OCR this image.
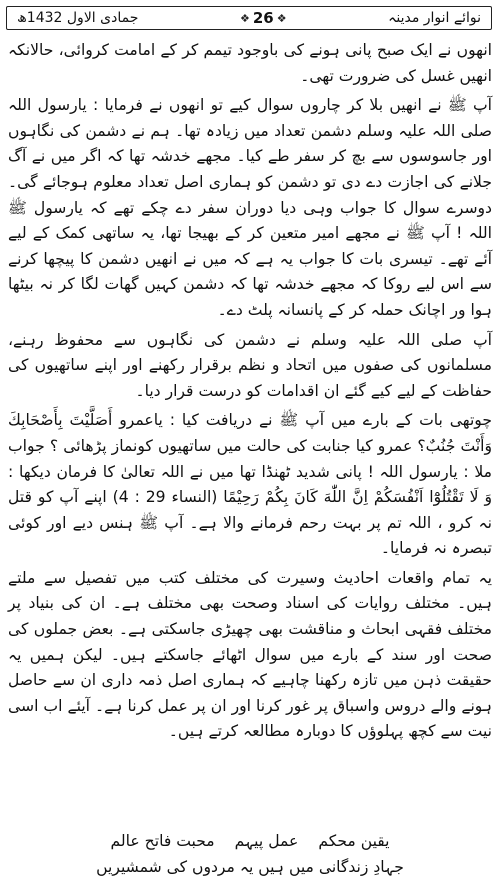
نوائے انوار مدینہ
❖
26
❖
جمادی الاول 1432ھ

انھوں نے ایک صبح پانی ہونے کی باوجود تیمم کر کے امامت کروائی، حالانکہ انھیں غسل کی ضرورت تھی۔

آپ ﷺ نے انھیں بلا کر چاروں سوال کیے تو انھوں نے فرمایا : یارسول اللہ صلی اللہ علیہ وسلم دشمن تعداد میں زیادہ تھا۔ ہم نے دشمن کی نگاہوں اور جاسوسوں سے بچ کر سفر طے کیا۔ مجھے خدشہ تھا کہ اگر میں نے آگ جلانے کی اجازت دے دی تو دشمن کو ہماری اصل تعداد معلوم ہوجائے گی۔ دوسرے سوال کا جواب وہی دیا دوران سفر دے چکے تھے کہ یارسول ﷺ اللہ ! آپ ﷺ نے مجھے امیر متعین کر کے بھیجا تھا، یہ ساتھی کمک کے لیے آئے تھے۔ تیسری بات کا جواب یہ ہے کہ میں نے انھیں دشمن کا پیچھا کرنے سے اس لیے روکا کہ مجھے خدشہ تھا کہ دشمن کہیں گھات لگا کر نہ بیٹھا ہوا ور اچانک حملہ کر کے پانسانہ پلٹ دے۔

آپ صلی اللہ علیہ وسلم نے دشمن کی نگاہوں سے محفوظ رہنے، مسلمانوں کی صفوں میں اتحاد و نظم برقرار رکھنے اور اپنے ساتھیوں کی حفاظت کے لیے کیے گئے ان اقدامات کو درست قرار دیا۔

چوتھی بات کے بارے میں آپ ﷺ نے دریافت کیا : یاعمرو أَصَلَّيْتَ بِأَصْحَابِكَ وَأَنْتَ جُنُبٌ؟ عمرو کیا جنابت کی حالت میں ساتھیوں کونماز پڑھائی ؟ جواب ملا : یارسول اللہ ! پانی شدید ٹھنڈا تھا میں نے اللہ تعالیٰ کا فرمان دیکھا : وَ لَا تَقْتُلُوْٓا اَنْفُسَكُمْ اِنَّ اللّٰهَ كَانَ بِكُمْ رَحِيْمًا (النساء 29 : 4) اپنے آپ کو قتل نہ کرو ، اللہ تم پر بہت رحم فرمانے والا ہے۔ آپ ﷺ ہنس دیے اور کوئی تبصرہ نہ فرمایا۔

یہ تمام واقعات احادیث وسیرت کی مختلف کتب میں تفصیل سے ملتے ہیں۔ مختلف روایات کی اسناد وصحت بھی مختلف ہے۔ ان کی بنیاد پر مختلف فقہی ابحاث و مناقشت بھی چھیڑی جاسکتی ہے۔ بعض جملوں کی صحت اور سند کے بارے میں سوال اٹھائے جاسکتے ہیں۔ لیکن ہمیں یہ حقیقت ذہن میں تازہ رکھنا چاہیے کہ ہماری اصل ذمہ داری ان سے حاصل ہونے والے دروس واسباق پر غور کرنا اور ان پر عمل کرنا ہے۔ آیئے اب اسی نیت سے کچھ پہلوؤں کا دوبارہ مطالعہ کرتے ہیں۔

یقین محکم
عمل پیہم
محبت فاتح عالم
جہادِ زندگانی میں ہیں یہ مردوں کی شمشیریں
